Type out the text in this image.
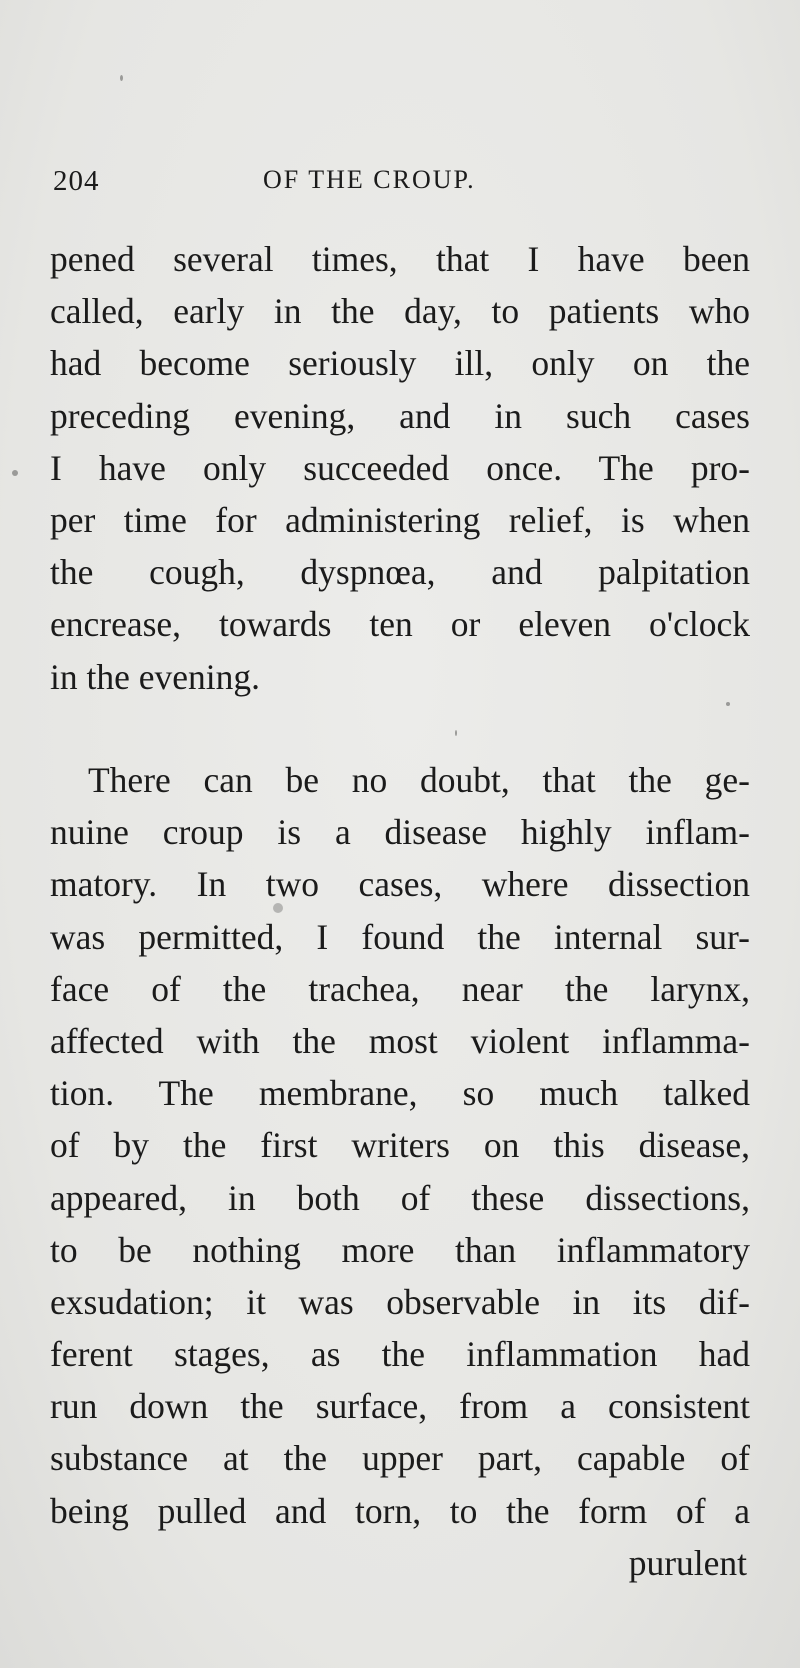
204	OF THE CROUP.
pened several times, that I have been
called, early in the day, to patients who
had become seriously ill, only on the
preceding evening, and in such cases
I have only succeeded once. The pro-
per time for administering relief, is when
the cough, dyspnœa, and palpitation
encrease, towards ten or eleven o'clock
in the evening.
There can be no doubt, that the ge-
nuine croup is a disease highly inflam-
matory. In two cases, where dissection
was permitted, I found the internal sur-
face of the trachea, near the larynx,
affected with the most violent inflamma-
tion. The membrane, so much talked
of by the first writers on this disease,
appeared, in both of these dissections,
to be nothing more than inflammatory
exsudation; it was observable in its dif-
ferent stages, as the inflammation had
run down the surface, from a consistent
substance at the upper part, capable of
being pulled and torn, to the form of a
purulent
